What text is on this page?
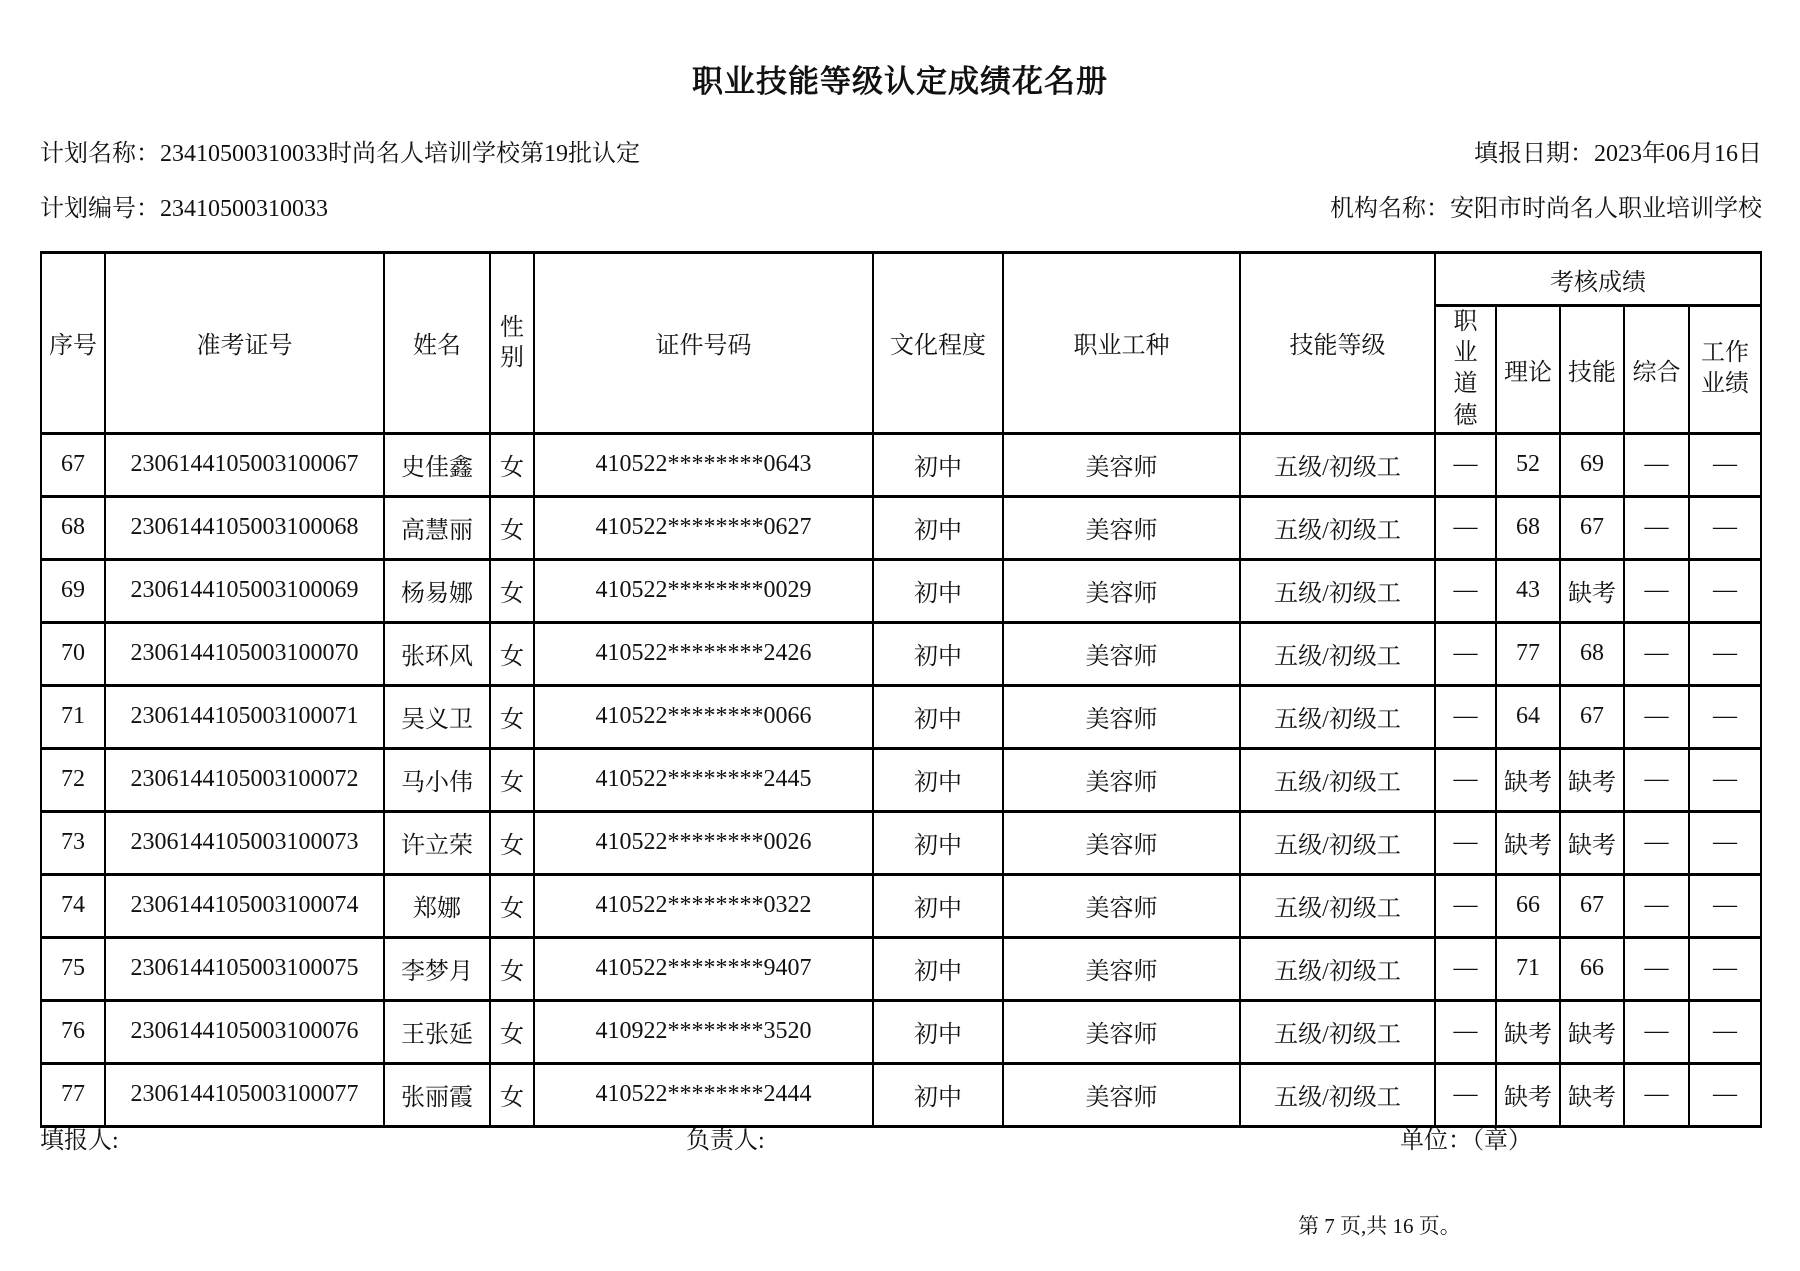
职业技能等级认定成绩花名册
计划名称：23410500310033时尚名人培训学校第19批认定	填报日期：2023年06月16日
计划编号：23410500310033	机构名称：安阳市时尚名人职业培训学校
序号	准考证号	姓名	性别	证件号码	文化程度	职业工种	技能等级	考核成绩				
								职业道德	理论	技能	综合	工作业绩
67	2306144105003100067	史佳鑫	女	410522********0643	初中	美容师	五级/初级工	—	52	69	—	—
68	2306144105003100068	高慧丽	女	410522********0627	初中	美容师	五级/初级工	—	68	67	—	—
69	2306144105003100069	杨易娜	女	410522********0029	初中	美容师	五级/初级工	—	43	缺考	—	—
70	2306144105003100070	张环风	女	410522********2426	初中	美容师	五级/初级工	—	77	68	—	—
71	2306144105003100071	吴义卫	女	410522********0066	初中	美容师	五级/初级工	—	64	67	—	—
72	2306144105003100072	马小伟	女	410522********2445	初中	美容师	五级/初级工	—	缺考	缺考	—	—
73	2306144105003100073	许立荣	女	410522********0026	初中	美容师	五级/初级工	—	缺考	缺考	—	—
74	2306144105003100074	郑娜	女	410522********0322	初中	美容师	五级/初级工	—	66	67	—	—
75	2306144105003100075	李梦月	女	410522********9407	初中	美容师	五级/初级工	—	71	66	—	—
76	2306144105003100076	王张延	女	410922********3520	初中	美容师	五级/初级工	—	缺考	缺考	—	—
77	2306144105003100077	张丽霞	女	410522********2444	初中	美容师	五级/初级工	—	缺考	缺考	—	—
填报人:	负责人:	单位：（章）
第 7 页,共 16 页。
